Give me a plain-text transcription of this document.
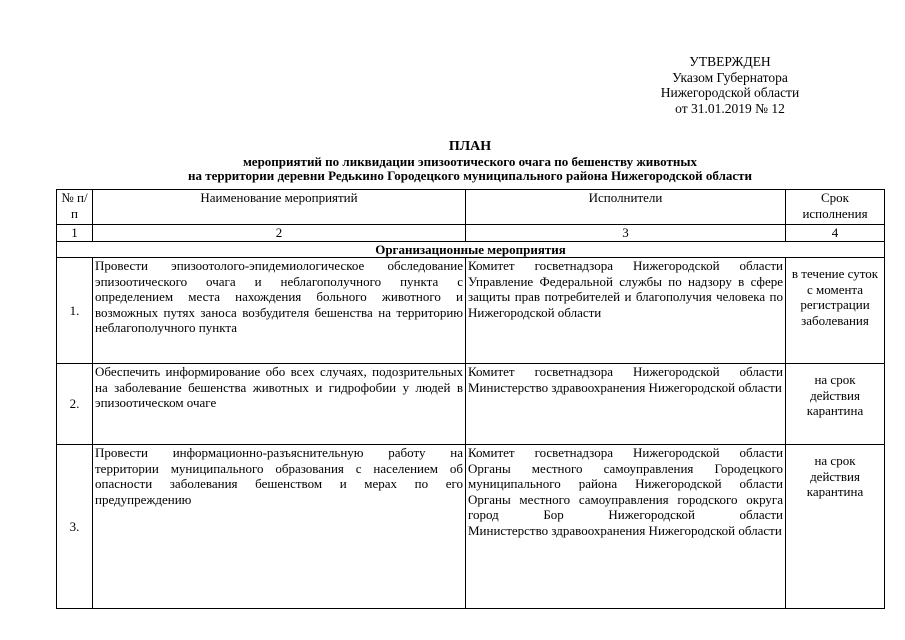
УТВЕРЖДЕН
Указом Губернатора
Нижегородской области
от 31.01.2019 № 12
ПЛАН
мероприятий по ликвидации эпизоотического очага по бешенству животных
на территории деревни Редькино Городецкого муниципального района Нижегородской области
№ п/п	Наименование мероприятий	Исполнители	Срок исполнения
1	2	3	4
Организационные мероприятия			
1.	Провести эпизоотолого-эпидемиологическое обследование эпизоотического очага и неблагополучного пункта с определением места нахождения больного животного и возможных путях заноса возбудителя бешенства на территорию неблагополучного пункта	Комитет госветнадзора Нижегородской области
Управление Федеральной службы по надзору в сфере защиты прав потребителей и благополучия человека по Нижегородской области	в течение суток с момента регистрации заболевания
2.	Обеспечить информирование обо всех случаях, подозрительных на заболевание бешенства животных и гидрофобии у людей в эпизоотическом очаге	Комитет госветнадзора Нижегородской области
Министерство здравоохранения Нижегородской области	на срок действия карантина
3.	Провести информационно-разъяснительную работу на территории муниципального образования с населением об опасности заболевания бешенством и мерах по его предупреждению	Комитет госветнадзора Нижегородской области
Органы местного самоуправления Городецкого муниципального района Нижегородской области
Органы местного самоуправления городского округа город Бор Нижегородской области
Министерство здравоохранения Нижегородской области	на срок действия карантина
